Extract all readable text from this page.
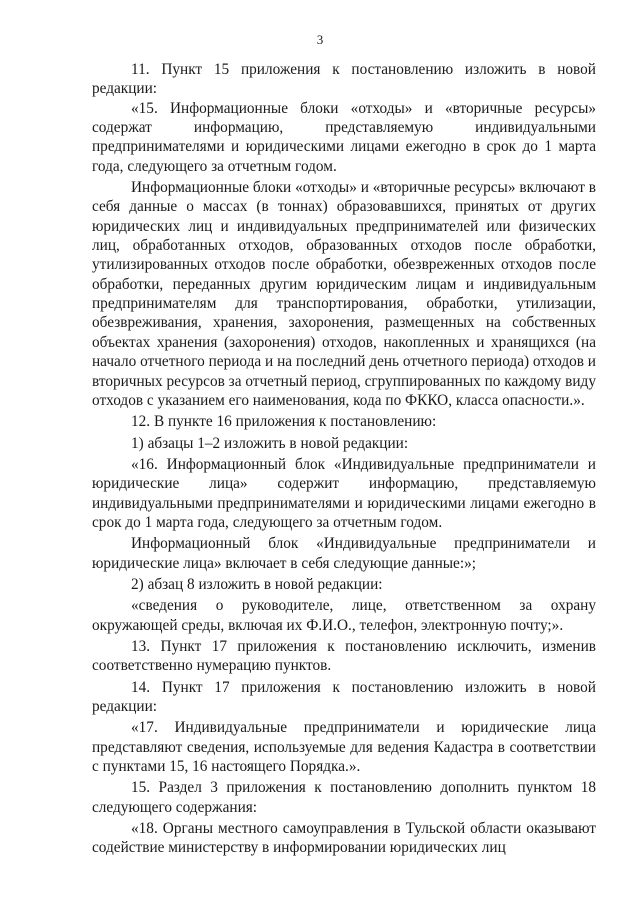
3

11. Пункт 15 приложения к постановлению изложить в новой редакции:

«15. Информационные блоки «отходы» и «вторичные ресурсы» содержат информацию, представляемую индивидуальными предпринимателями и юридическими лицами ежегодно в срок до 1 марта года, следующего за отчетным годом.

Информационные блоки «отходы» и «вторичные ресурсы» включают в себя данные о массах (в тоннах) образовавшихся, принятых от других юридических лиц и индивидуальных предпринимателей или физических лиц, обработанных отходов, образованных отходов после обработки, утилизированных отходов после обработки, обезвреженных отходов после обработки, переданных другим юридическим лицам и индивидуальным предпринимателям для транспортирования, обработки, утилизации, обезвреживания, хранения, захоронения, размещенных на собственных объектах хранения (захоронения) отходов, накопленных и хранящихся (на начало отчетного периода и на последний день отчетного периода) отходов и вторичных ресурсов за отчетный период, сгруппированных по каждому виду отходов с указанием его наименования, кода по ФККО, класса опасности.».

12. В пункте 16 приложения к постановлению:

1) абзацы 1–2 изложить в новой редакции:

«16. Информационный блок «Индивидуальные предприниматели и юридические лица» содержит информацию, представляемую индивидуальными предпринимателями и юридическими лицами ежегодно в срок до 1 марта года, следующего за отчетным годом.

Информационный блок «Индивидуальные предприниматели и юридические лица» включает в себя следующие данные:»;

2) абзац 8 изложить в новой редакции:

«сведения о руководителе, лице, ответственном за охрану окружающей среды, включая их Ф.И.О., телефон, электронную почту;».

13. Пункт 17 приложения к постановлению исключить, изменив соответственно нумерацию пунктов.

14. Пункт 17 приложения к постановлению изложить в новой редакции:

«17. Индивидуальные предприниматели и юридические лица представляют сведения, используемые для ведения Кадастра в соответствии с пунктами 15, 16 настоящего Порядка.».

15. Раздел 3 приложения к постановлению дополнить пунктом 18 следующего содержания:

«18. Органы местного самоуправления в Тульской области оказывают содействие министерству в информировании юридических лиц
